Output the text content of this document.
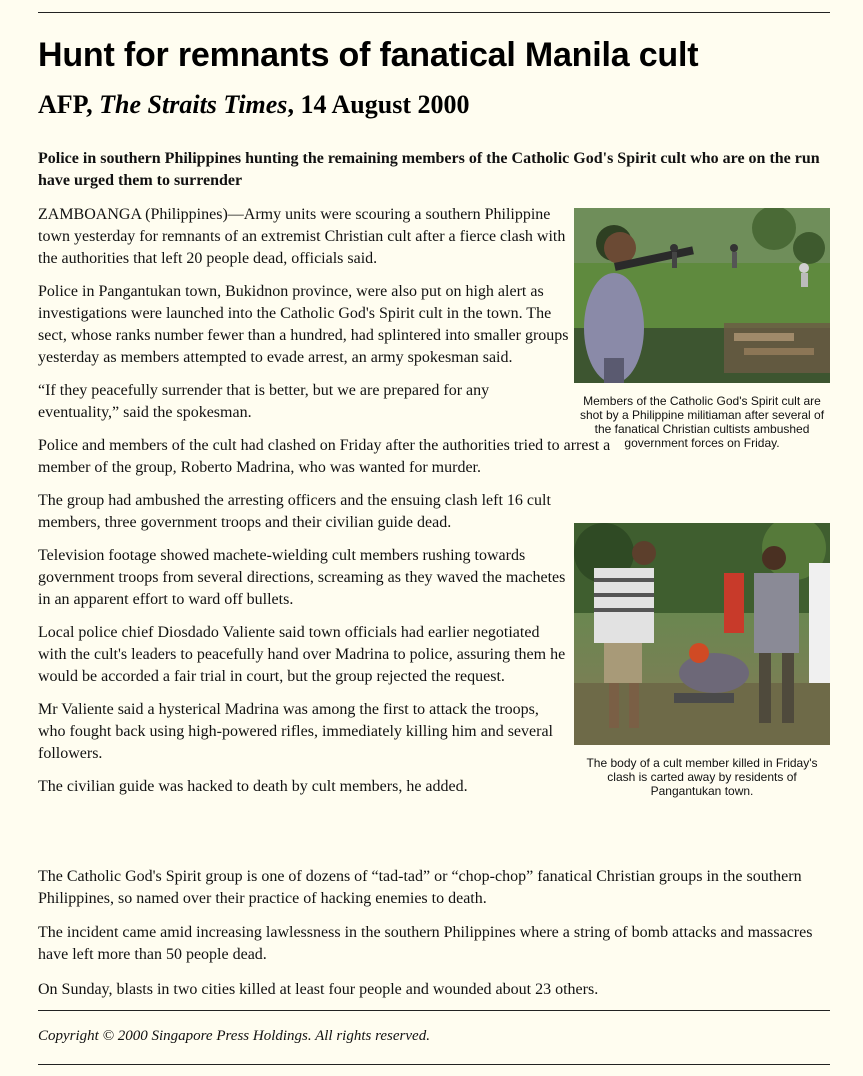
Hunt for remnants of fanatical Manila cult
AFP, The Straits Times, 14 August 2000

Police in southern Philippines hunting the remaining members of the Catholic God's Spirit cult who are on the run have urged them to surrender

ZAMBOANGA (Philippines)—Army units were scouring a southern Philippine town yesterday for remnants of an extremist Christian cult after a fierce clash with the authorities that left 20 people dead, officials said.

Police in Pangantukan town, Bukidnon province, were also put on high alert as investigations were launched into the Catholic God's Spirit cult in the town. The sect, whose ranks number fewer than a hundred, had splintered into smaller groups yesterday as members attempted to evade arrest, an army spokesman said.

“If they peacefully surrender that is better, but we are prepared for any eventuality,” said the spokesman.

Police and members of the cult had clashed on Friday after the authorities tried to arrest a member of the group, Roberto Madrina, who was wanted for murder.

The group had ambushed the arresting officers and the ensuing clash left 16 cult members, three government troops and their civilian guide dead.

Television footage showed machete-wielding cult members rushing towards government troops from several directions, screaming as they waved the machetes in an apparent effort to ward off bullets.

Local police chief Diosdado Valiente said town officials had earlier negotiated with the cult's leaders to peacefully hand over Madrina to police, assuring them he would be accorded a fair trial in court, but the group rejected the request.

Mr Valiente said a hysterical Madrina was among the first to attack the troops, who fought back using high-powered rifles, immediately killing him and several followers.

The civilian guide was hacked to death by cult members, he added.

Members of the Catholic God's Spirit cult are shot by a Philippine militiaman after several of the fanatical Christian cultists ambushed government forces on Friday.
The body of a cult member killed in Friday's clash is carted away by residents of Pangantukan town.

The Catholic God's Spirit group is one of dozens of “tad-tad” or “chop-chop” fanatical Christian groups in the southern Philippines, so named over their practice of hacking enemies to death.

The incident came amid increasing lawlessness in the southern Philippines where a string of bomb attacks and massacres have left more than 50 people dead.

On Sunday, blasts in two cities killed at least four people and wounded about 23 others.

Copyright © 2000 Singapore Press Holdings. All rights reserved.
